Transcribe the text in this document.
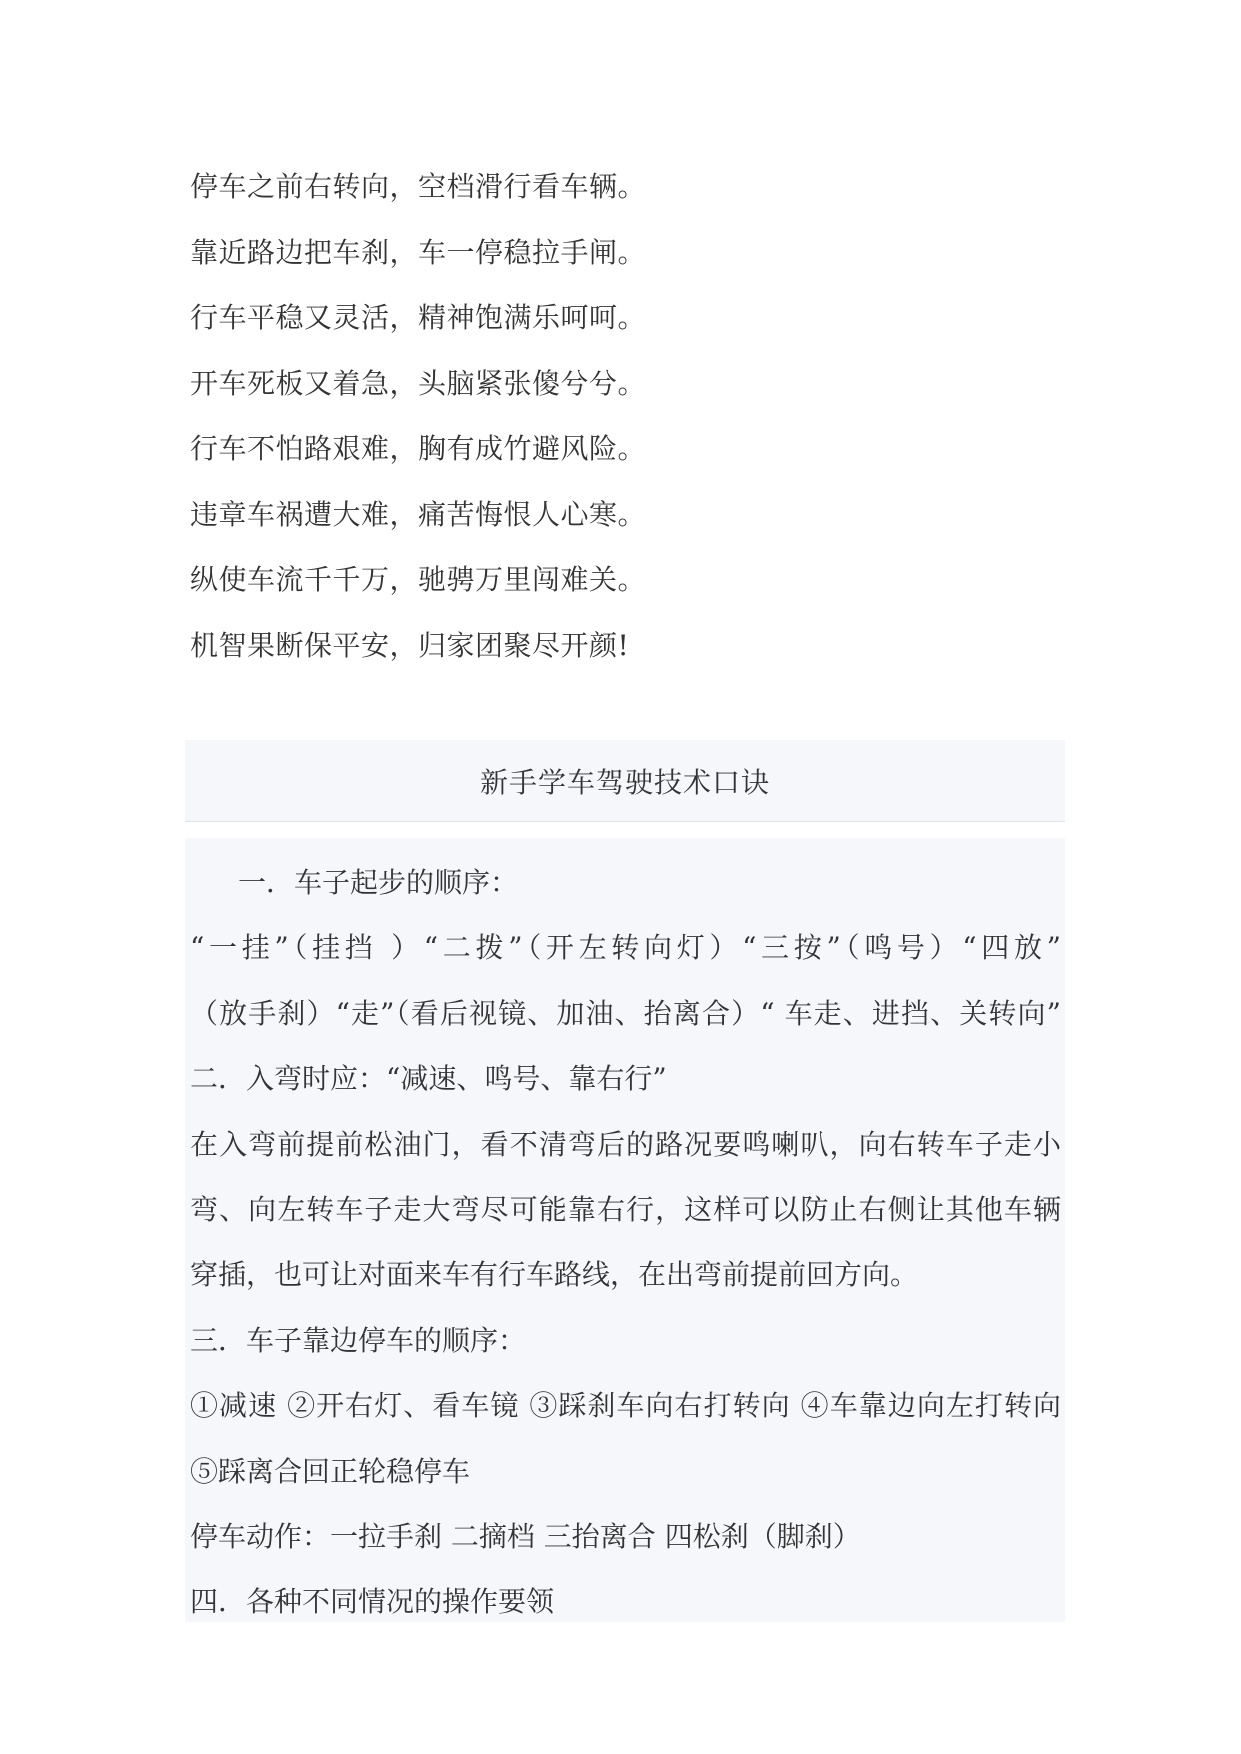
停车之前右转向，空档滑行看车辆。
靠近路边把车刹，车一停稳拉手闸。
行车平稳又灵活，精神饱满乐呵呵。
开车死板又着急，头脑紧张傻兮兮。
行车不怕路艰难，胸有成竹避风险。
违章车祸遭大难，痛苦悔恨人心寒。
纵使车流千千万，驰骋万里闯难关。
机智果断保平安，归家团聚尽开颜!
新手学车驾驶技术口诀
一．车子起步的顺序：
“一挂”（挂挡 ）“二拨”（开左转向灯）“三按”（鸣号）“四放”
（放手刹）“走”（看后视镜、加油、抬离合）“ 车走、进挡、关转向”
二．入弯时应：“减速、鸣号、靠右行”
在入弯前提前松油门，看不清弯后的路况要鸣喇叭，向右转车子走小
弯、向左转车子走大弯尽可能靠右行，这样可以防止右侧让其他车辆
穿插，也可让对面来车有行车路线，在出弯前提前回方向。
三．车子靠边停车的顺序：
①减速 ②开右灯、看车镜 ③踩刹车向右打转向 ④车靠边向左打转向
⑤踩离合回正轮稳停车
停车动作：一拉手刹 二摘档 三抬离合 四松刹（脚刹）
四．各种不同情况的操作要领
